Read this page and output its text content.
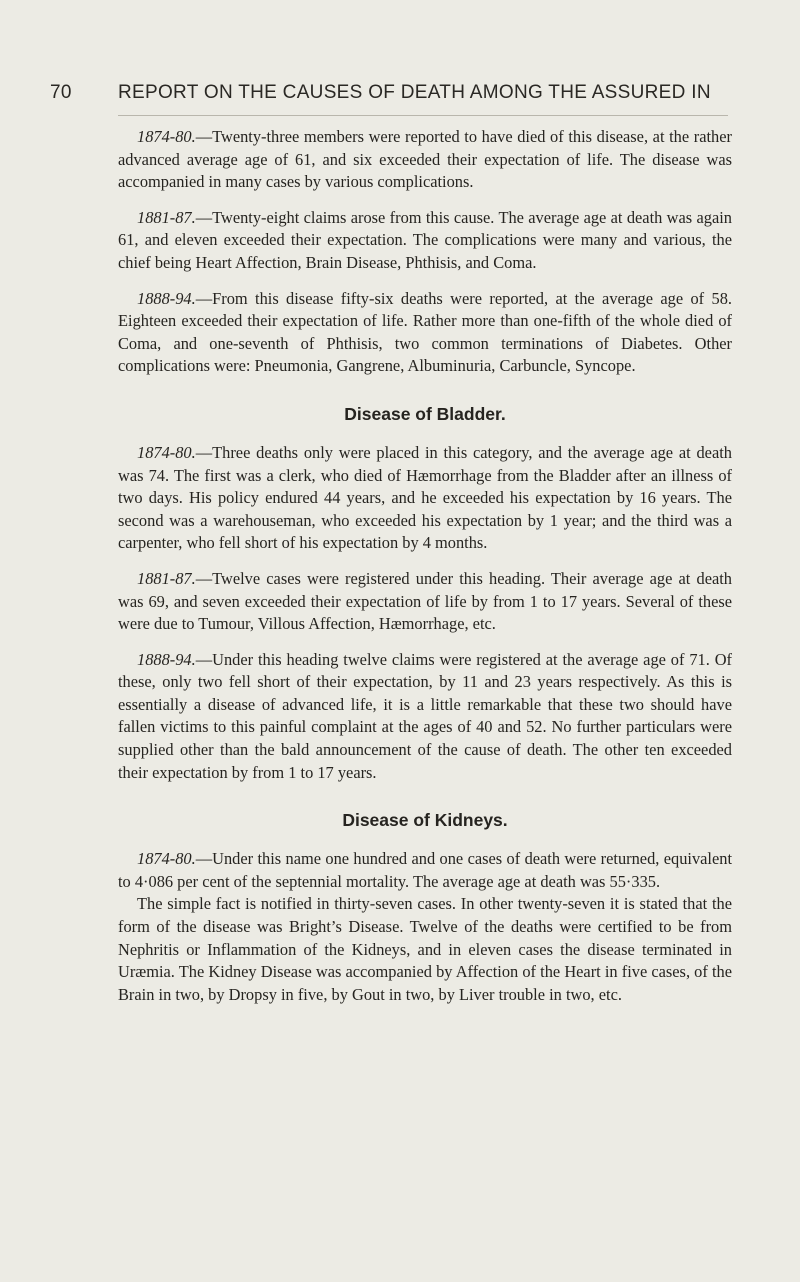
70 REPORT ON THE CAUSES OF DEATH AMONG THE ASSURED IN

1874-80.—Twenty-three members were reported to have died of this disease, at the rather advanced average age of 61, and six exceeded their expectation of life. The disease was accompanied in many cases by various complications.

1881-87.—Twenty-eight claims arose from this cause. The average age at death was again 61, and eleven exceeded their expectation. The complications were many and various, the chief being Heart Affection, Brain Disease, Phthisis, and Coma.

1888-94.—From this disease fifty-six deaths were reported, at the average age of 58. Eighteen exceeded their expectation of life. Rather more than one-fifth of the whole died of Coma, and one-seventh of Phthisis, two common terminations of Diabetes. Other complications were: Pneumonia, Gangrene, Albuminuria, Carbuncle, Syncope.

Disease of Bladder.

1874-80.—Three deaths only were placed in this category, and the average age at death was 74. The first was a clerk, who died of Hæmorrhage from the Bladder after an illness of two days. His policy endured 44 years, and he exceeded his expectation by 16 years. The second was a warehouseman, who exceeded his expectation by 1 year; and the third was a carpenter, who fell short of his expectation by 4 months.

1881-87.—Twelve cases were registered under this heading. Their average age at death was 69, and seven exceeded their expectation of life by from 1 to 17 years. Several of these were due to Tumour, Villous Affection, Hæmorrhage, etc.

1888-94.—Under this heading twelve claims were registered at the average age of 71. Of these, only two fell short of their expectation, by 11 and 23 years respectively. As this is essentially a disease of advanced life, it is a little remarkable that these two should have fallen victims to this painful complaint at the ages of 40 and 52. No further particulars were supplied other than the bald announcement of the cause of death. The other ten exceeded their expectation by from 1 to 17 years.

Disease of Kidneys.

1874-80.—Under this name one hundred and one cases of death were returned, equivalent to 4·086 per cent of the septennial mortality. The average age at death was 55·335.

The simple fact is notified in thirty-seven cases. In other twenty-seven it is stated that the form of the disease was Bright’s Disease. Twelve of the deaths were certified to be from Nephritis or Inflammation of the Kidneys, and in eleven cases the disease terminated in Uræmia. The Kidney Disease was accompanied by Affection of the Heart in five cases, of the Brain in two, by Dropsy in five, by Gout in two, by Liver trouble in two, etc.
